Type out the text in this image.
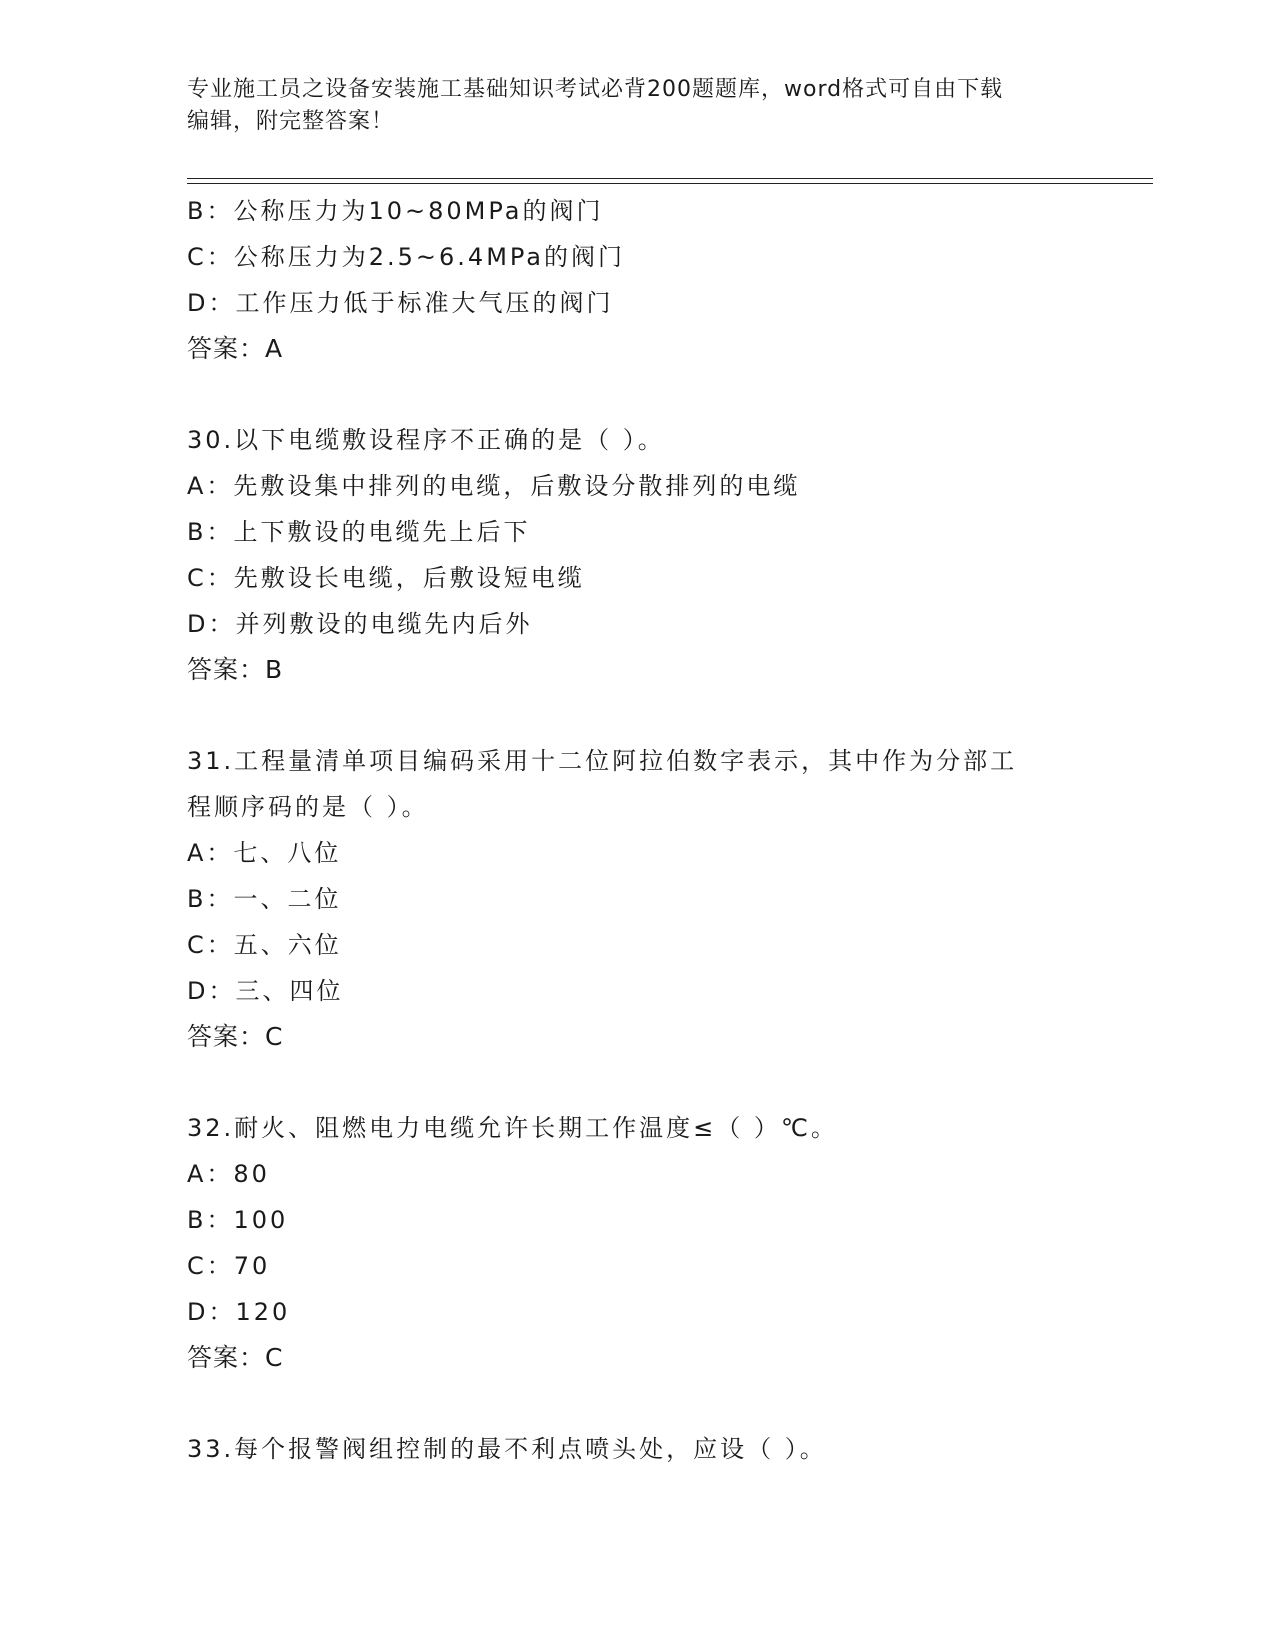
专业施工员之设备安装施工基础知识考试必背200题题库，word格式可自由下载
编辑，附完整答案！
B：公称压力为10~80MPa的阀门
C：公称压力为2.5~6.4MPa的阀门
D：工作压力低于标准大气压的阀门
答案：A
30.以下电缆敷设程序不正确的是（ ）。
A：先敷设集中排列的电缆，后敷设分散排列的电缆
B：上下敷设的电缆先上后下
C：先敷设长电缆，后敷设短电缆
D：并列敷设的电缆先内后外
答案：B
31.工程量清单项目编码采用十二位阿拉伯数字表示，其中作为分部工
程顺序码的是（ ）。
A：七、八位
B：一、二位
C：五、六位
D：三、四位
答案：C
32.耐火、阻燃电力电缆允许长期工作温度≤（ ）℃。
A：80
B：100
C：70
D：120
答案：C
33.每个报警阀组控制的最不利点喷头处，应设（ ）。
